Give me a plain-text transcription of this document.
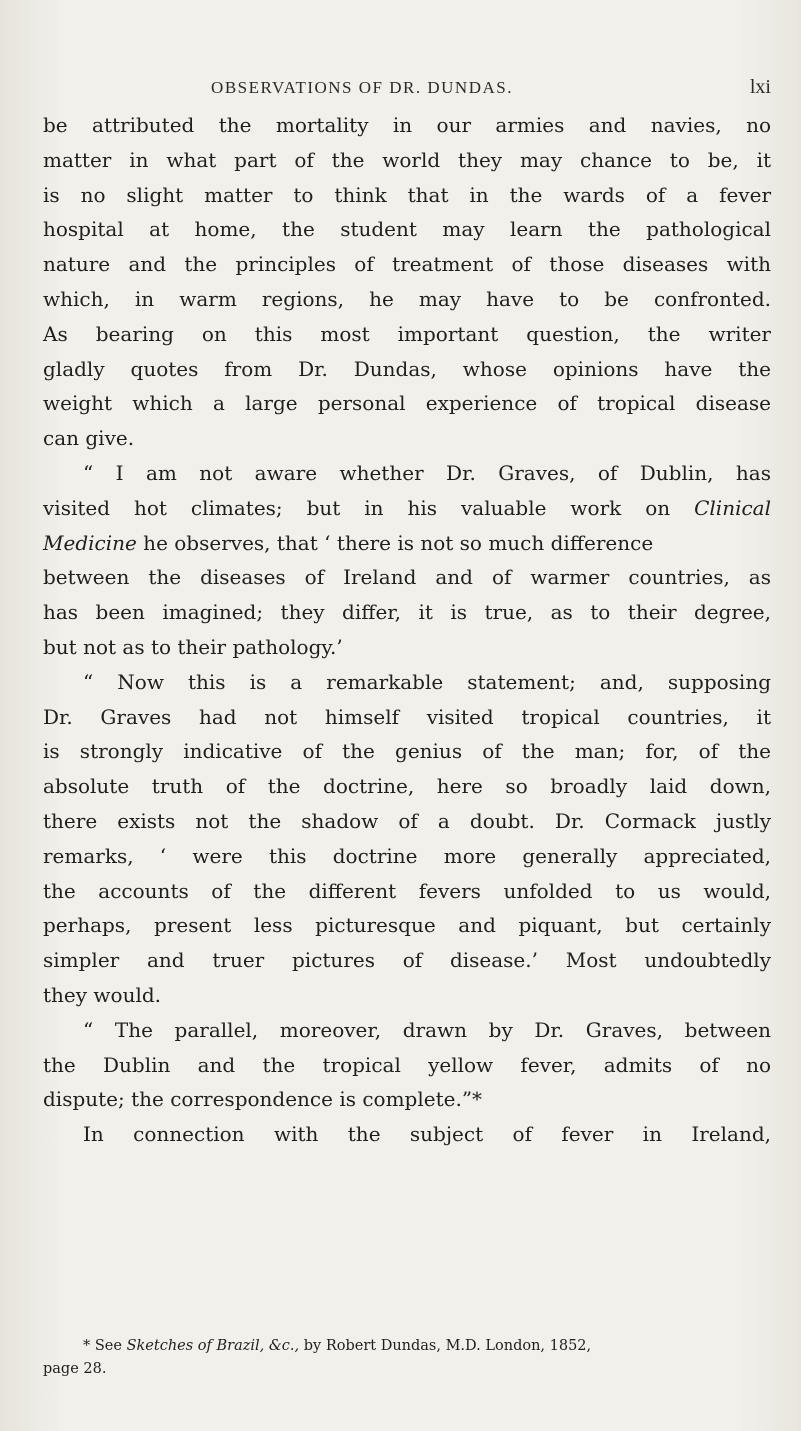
OBSERVATIONS OF DR. DUNDAS.	lxi
be attributed the mortality in our armies and navies, no
matter in what part of the world they may chance to be, it
is no slight matter to think that in the wards of a fever
hospital at home, the student may learn the pathological
nature and the principles of treatment of those diseases with
which, in warm regions, he may have to be confronted.
As bearing on this most important question, the writer
gladly quotes from Dr. Dundas, whose opinions have the
weight which a large personal experience of tropical disease
can give.
“ I am not aware whether Dr. Graves, of Dublin, has
visited hot climates; but in his valuable work on Clinical
Medicine he observes, that ‘ there is not so much difference
between the diseases of Ireland and of warmer countries, as
has been imagined; they differ, it is true, as to their degree,
but not as to their pathology.’
“ Now this is a remarkable statement; and, supposing
Dr. Graves had not himself visited tropical countries, it
is strongly indicative of the genius of the man; for, of the
absolute truth of the doctrine, here so broadly laid down,
there exists not the shadow of a doubt. Dr. Cormack justly
remarks, ‘ were this doctrine more generally appreciated,
the accounts of the different fevers unfolded to us would,
perhaps, present less picturesque and piquant, but certainly
simpler and truer pictures of disease.’ Most undoubtedly
they would.
“ The parallel, moreover, drawn by Dr. Graves, between
the Dublin and the tropical yellow fever, admits of no
dispute; the correspondence is complete.”*
In connection with the subject of fever in Ireland,
* See Sketches of Brazil, &c., by Robert Dundas, M.D. London, 1852,
page 28.
